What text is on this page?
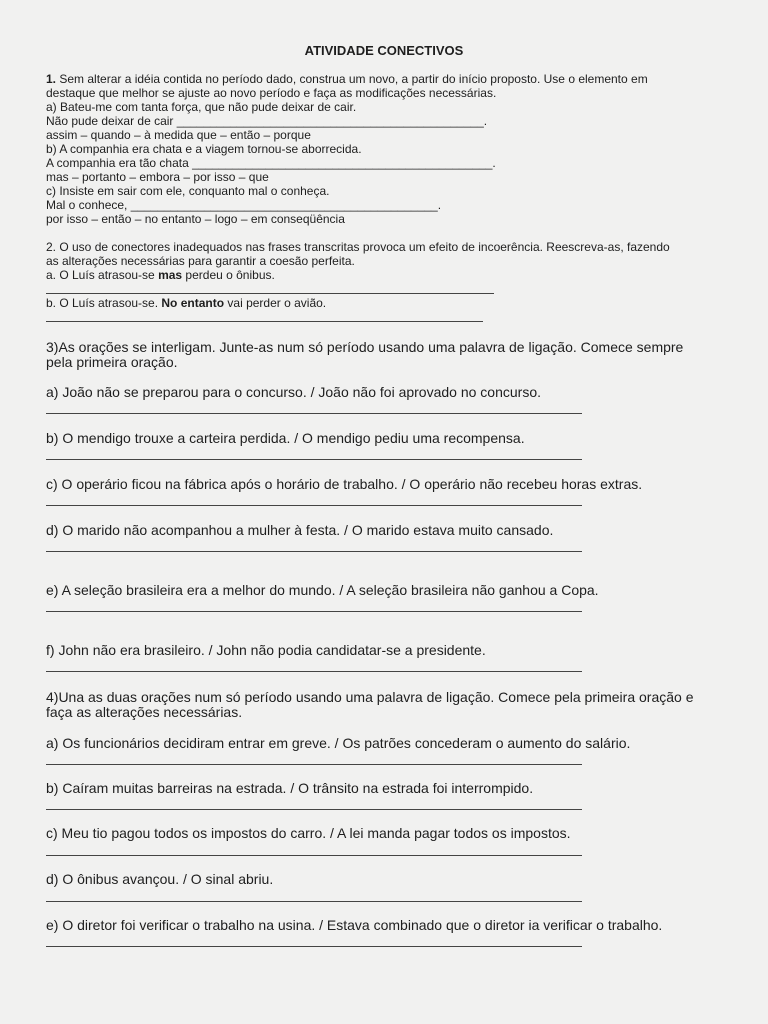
ATIVIDADE CONECTIVOS
1. Sem alterar a idéia contida no período dado, construa um novo, a partir do início proposto. Use o elemento em
destaque que melhor se ajuste ao novo período e faça as modificações necessárias.
a) Bateu-me com tanta força, que não pude deixar de cair.
Não pude deixar de cair ______________________________________________.
assim – quando – à medida que – então – porque
b) A companhia era chata e a viagem tornou-se aborrecida.
A companhia era tão chata _____________________________________________.
mas – portanto – embora – por isso – que
c) Insiste em sair com ele, conquanto mal o conheça.
Mal o conhece, ______________________________________________.
por isso – então – no entanto – logo – em conseqüência
2. O uso de conectores inadequados nas frases transcritas provoca um efeito de incoerência. Reescreva-as, fazendo
as alterações necessárias para garantir a coesão perfeita.
a. O Luís atrasou-se mas perdeu o ônibus.
b. O Luís atrasou-se. No entanto vai perder o avião.
3)As orações se interligam. Junte-as num só período usando uma palavra de ligação. Comece sempre
pela primeira oração.
a) João não se preparou para o concurso. / João não foi aprovado no concurso.
b) O mendigo trouxe a carteira perdida. / O mendigo pediu uma recompensa.
c) O operário ficou na fábrica após o horário de trabalho. / O operário não recebeu horas extras.
d) O marido não acompanhou a mulher à festa. / O marido estava muito cansado.
e) A seleção brasileira era a melhor do mundo. / A seleção brasileira não ganhou a Copa.
f) John não era brasileiro. / John não podia candidatar-se a presidente.
4)Una as duas orações num só período usando uma palavra de ligação. Comece pela primeira oração e
faça as alterações necessárias.
a) Os funcionários decidiram entrar em greve. / Os patrões concederam o aumento do salário.
b) Caíram muitas barreiras na estrada. / O trânsito na estrada foi interrompido.
c) Meu tio pagou todos os impostos do carro. / A lei manda pagar todos os impostos.
d) O ônibus avançou. / O sinal abriu.
e) O diretor foi verificar o trabalho na usina. / Estava combinado que o diretor ia verificar o trabalho.
